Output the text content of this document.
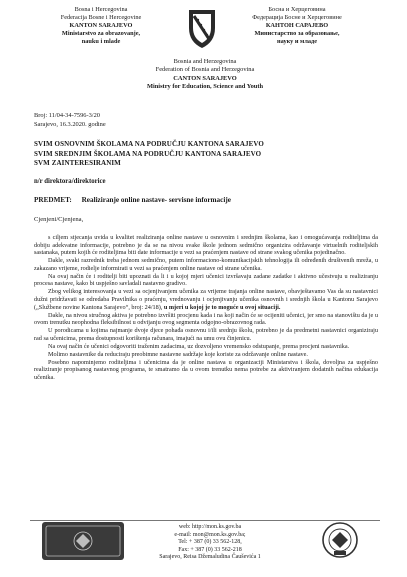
Bosna i Hercegovina
Federacija Bosne i Hercegovine
KANTON SARAJEVO
Ministarstvo za obrazovanje,
nauku i mlade
Босна и Херцеговина
Федерација Босне и Херцеговине
КАНТОН САРАЈЕВО
Министарство за образовање,
науку и младе
Bosnia and Herzegovina
Federation of Bosnia and Herzegovina
CANTON SARAJEVO
Ministry for Education, Science and Youth
Broj: 11/04-34-7596-3/20
Sarajevo, 16.3.2020. godine
SVIM OSNOVNIM ŠKOLAMA NA PODRUČJU KANTONA SARAJEVO
SVIM SREDNJIM ŠKOLAMA NA PODRUČJU KANTONA SARAJEVO
SVM ZAINTERESIRANIM
n/r direktora/direktorice
PREDMET: Realiziranje online nastave- servisne informacije
Cjenjeni/Cjenjena,

s ciljem stjecanja uvida u kvalitet realiziranja online nastave u osnovnim i srednjim školama, kao i omogućavanja roditeljima da dobiju adekvatne informacije, potrebno je da se na nivou svake škole jednom sedmično organizira održavanje virtuelnih roditeljskih sastanaka, putem kojih će roditeljima biti date informacije u vezi sa praćenjem nastave od strane svakog učenika pojedinačno.

Dakle, svaki razrednik treba jednom sedmično, putem informaciono-komunikacijskih tehnologija ili određenih društvenih mreža, u zakazano vrijeme, rodielje informirati u vezi sa praćenjem online nastave od strane učenika.

Na ovaj način će i roditelji biti upoznati da li i u kojoj mjeri učenici izvršavaju zadane zadatke i aktivno učestvuju u realiziranju procesa nastave, kako bi uspješno savladali nastavno gradivo.

Zbog velikog interesovanja u vezi sa ocjenjivanjem učenika za vrijeme trajanja online nastave, obavještavamo Vas da su nastavnici dužni pridržavati se odredaba Pravilnika o praćenju, vrednovanju i ocjenjivanju učenika osnovnih i srednjih škola u Kantonu Sarajevo („Službene novine Kantona Sarajevo“, broj: 24/18), u mjeri u kojoj je to moguće u ovoj situaciji.

Dakle, na nivou stručnog aktiva je potrebno izvršiti procjenu kada i na koji način će se ocijeniti učenici, jer smo na stanovištu da je u ovom trenutku neophodna fleksibilnost u odvijanju ovog segmenta odgojno-obrazovnog rada.

U porodicama u kojima najmanje dvoje djece pohađa osnovnu i/ili srednju školu, potrebno je da predmetni nastavnici organiziraju rad sa učenicima, prema dostupnosti korištenja računara, imajući na umu ovu činjenicu.

Na ovaj način će učenici odgovoriti traženim zadacima, uz dozvoljeno vremensko odstupanje, prema procjeni nastavnika.

Molimo nastavnike da reduciraju preobimne nastavne sadržaje koje koriste za održavanje online nastave.

Posebno napominjemo roditeljima i učenicima da je online nastava u organizaciji Ministarstva i škola, dovoljna za uspješno realiziranje propisanog nastavnog programa, te smatramo da u ovom trenutku nema potrebe za aktiviranjem dodatnih načina edukacija učenika.

web: http://mon.ks.gov.ba
e-mail: mon@mon.ks.gov.ba;
Tel: + 387 (0) 33 562-128,
Fax: + 387 (0) 33 562-218
Sarajevo, Reisa Džemaludina Čauševića 1
